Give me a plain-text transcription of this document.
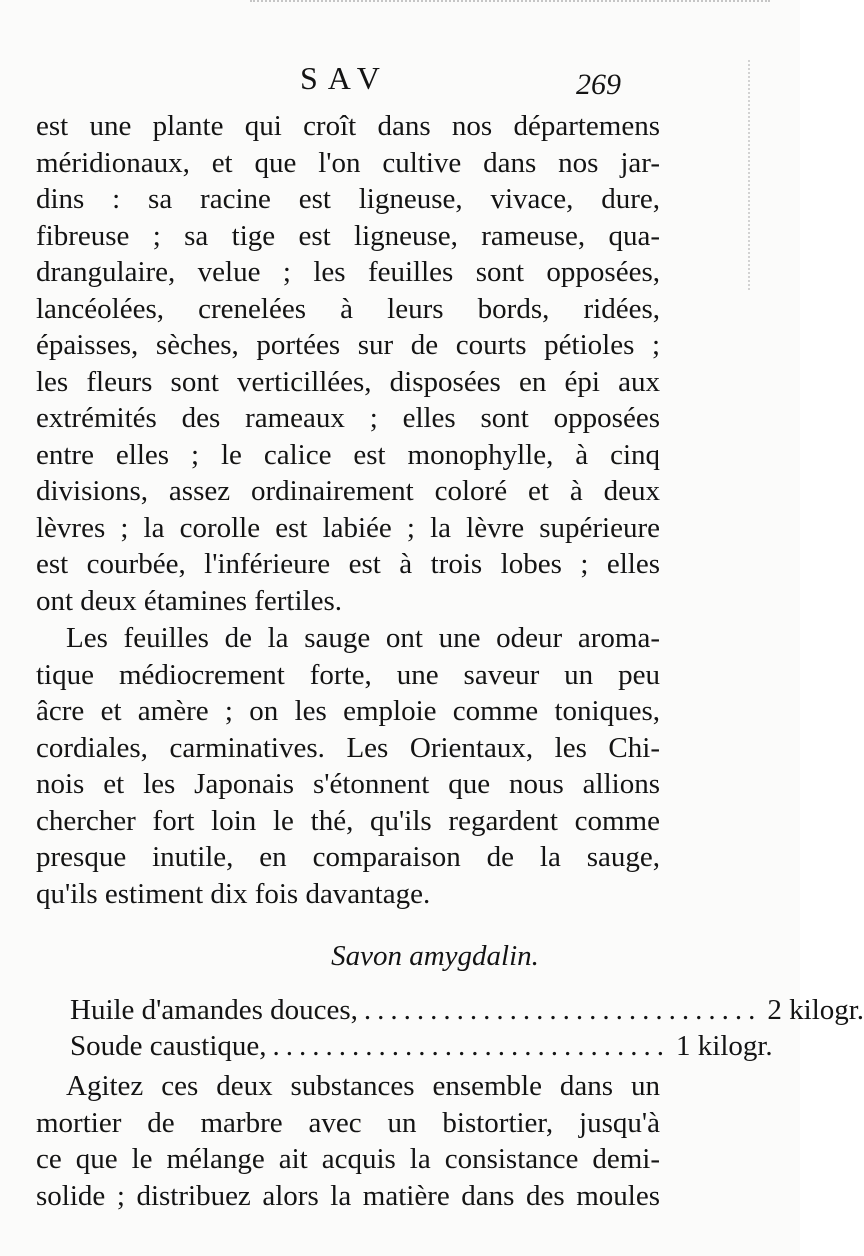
SAV	269
est une plante qui croît dans nos départemens
méridionaux, et que l'on cultive dans nos jar-
dins : sa racine est ligneuse, vivace, dure,
fibreuse ; sa tige est ligneuse, rameuse, qua-
drangulaire, velue ; les feuilles sont opposées,
lancéolées, crenelées à leurs bords, ridées,
épaisses, sèches, portées sur de courts pétioles ;
les fleurs sont verticillées, disposées en épi aux
extrémités des rameaux ; elles sont opposées
entre elles ; le calice est monophylle, à cinq
divisions, assez ordinairement coloré et à deux
lèvres ; la corolle est labiée ; la lèvre supérieure
est courbée, l'inférieure est à trois lobes ; elles
ont deux étamines fertiles.
Les feuilles de la sauge ont une odeur aroma-
tique médiocrement forte, une saveur un peu
âcre et amère ; on les emploie comme toniques,
cordiales, carminatives. Les Orientaux, les Chi-
nois et les Japonais s'étonnent que nous allions
chercher fort loin le thé, qu'ils regardent comme
presque inutile, en comparaison de la sauge,
qu'ils estiment dix fois davantage.
Savon amygdalin.
Huile d'amandes douces, .............................. 2 kilogr.
Soude caustique, .............................. 1 kilogr.
Agitez ces deux substances ensemble dans un
mortier de marbre avec un bistortier, jusqu'à
ce que le mélange ait acquis la consistance demi-
solide ; distribuez alors la matière dans des moules
